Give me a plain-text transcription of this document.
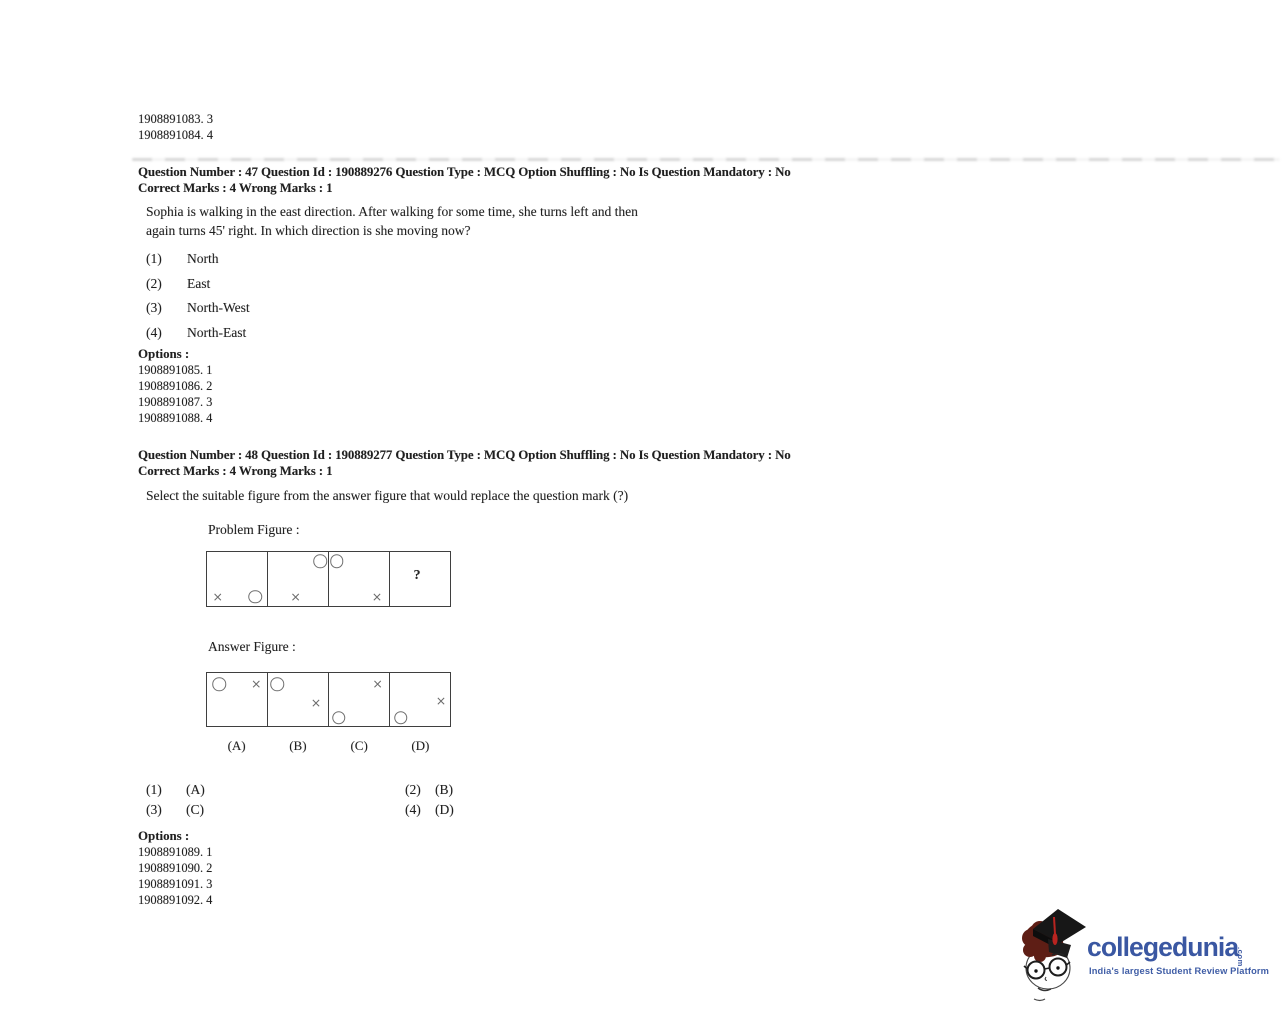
1908891083. 3
1908891084. 4
Question Number : 47 Question Id : 190889276 Question Type : MCQ Option Shuffling : No Is Question Mandatory : No
Correct Marks : 4 Wrong Marks : 1
Sophia is walking in the east direction. After walking for some time, she turns left and then
again turns 45' right. In which direction is she moving now?
(1) North
(2) East
(3) North-West
(4) North-East
Options :
1908891085. 1
1908891086. 2
1908891087. 3
1908891088. 4
Question Number : 48 Question Id : 190889277 Question Type : MCQ Option Shuffling : No Is Question Mandatory : No
Correct Marks : 4 Wrong Marks : 1
Select the suitable figure from the answer figure that would replace the question mark (?)
Problem Figure :
×	×	×
?
Answer Figure :
×
×
×
×
(A)	(B)	(C)	(D)
(1) (A)	(2) (B)
(3) (C)	(4) (D)
Options :
1908891089. 1
1908891090. 2
1908891091. 3
1908891092. 4
collegedunia
.com
India's largest Student Review Platform
